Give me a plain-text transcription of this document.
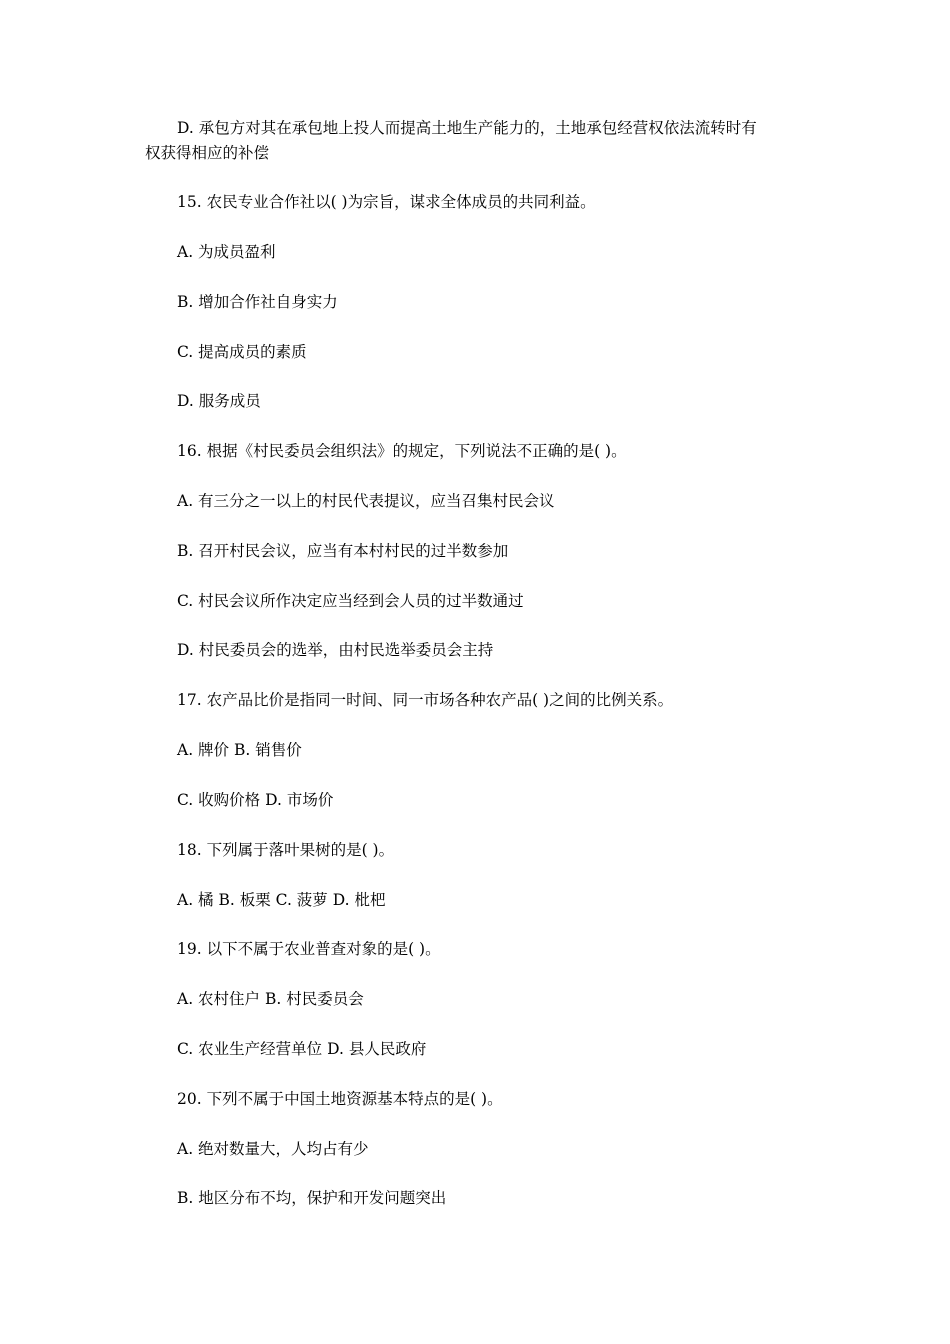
D. 承包方对其在承包地上投人而提高土地生产能力的，土地承包经营权依法流转时有
权获得相应的补偿
15. 农民专业合作社以( )为宗旨，谋求全体成员的共同利益。
A. 为成员盈利
B. 增加合作社自身实力
C. 提高成员的素质
D. 服务成员
16. 根据《村民委员会组织法》的规定，下列说法不正确的是( )。
A. 有三分之一以上的村民代表提议，应当召集村民会议
B. 召开村民会议，应当有本村村民的过半数参加
C. 村民会议所作决定应当经到会人员的过半数通过
D. 村民委员会的选举，由村民选举委员会主持
17. 农产品比价是指同一时间、同一市场各种农产品( )之间的比例关系。
A. 牌价 B. 销售价
C. 收购价格 D. 市场价
18. 下列属于落叶果树的是( )。
A. 橘 B. 板栗 C. 菠萝 D. 枇杷
19. 以下不属于农业普查对象的是( )。
A. 农村住户 B. 村民委员会
C. 农业生产经营单位 D. 县人民政府
20. 下列不属于中国土地资源基本特点的是( )。
A. 绝对数量大，人均占有少
B. 地区分布不均，保护和开发问题突出
